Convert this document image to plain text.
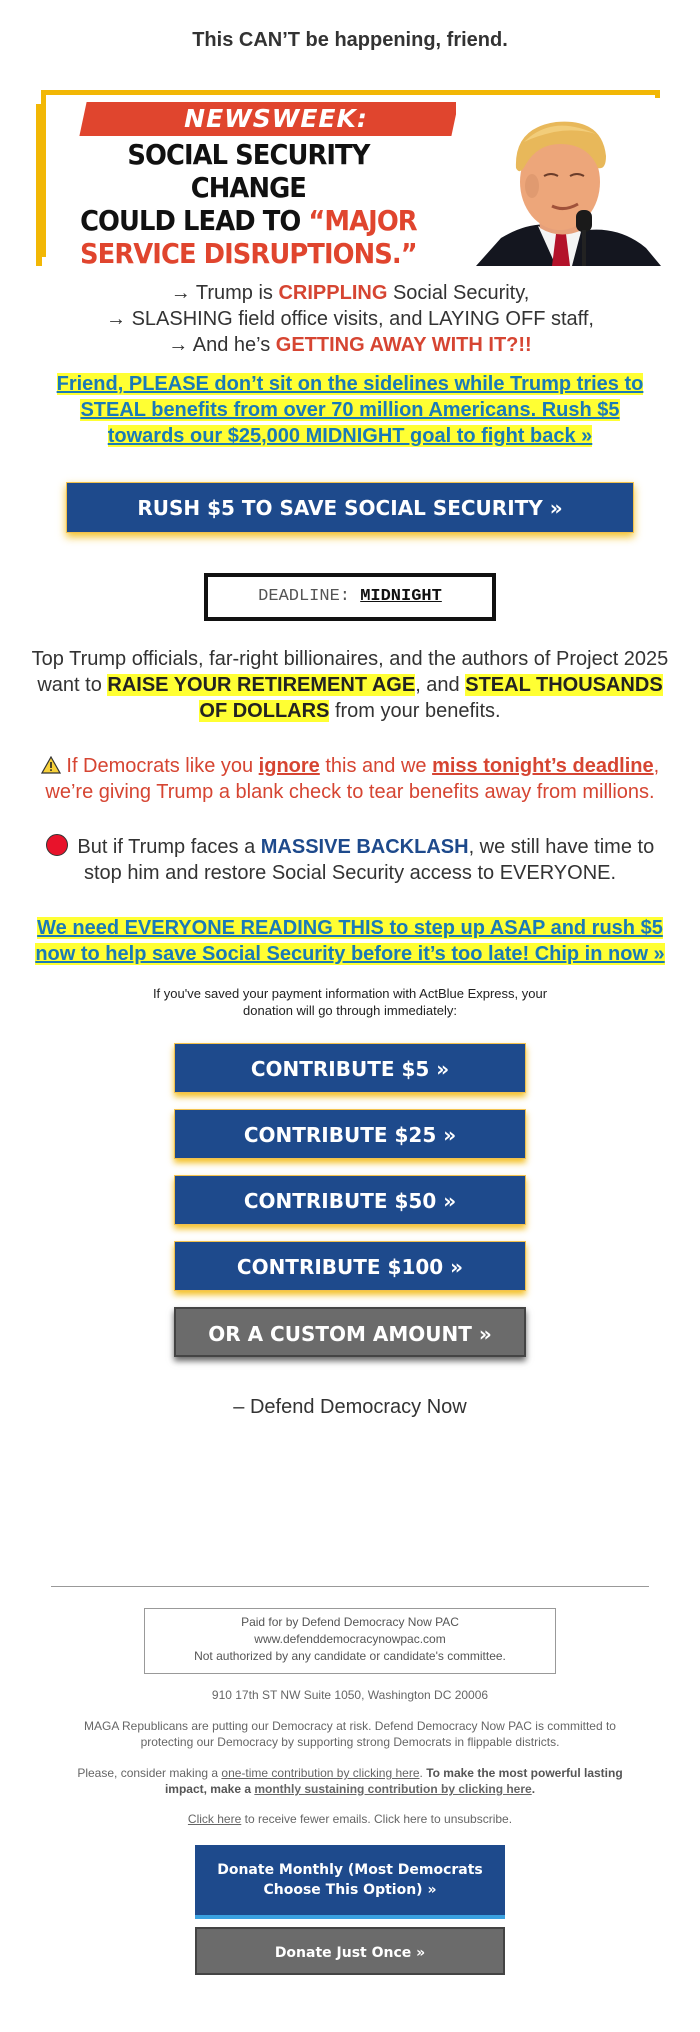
This CAN’T be happening, friend.

NEWSWEEK:
SOCIAL SECURITY CHANGE
COULD LEAD TO “MAJOR
SERVICE DISRUPTIONS.”
→ Trump is CRIPPLING Social Security,
→ SLASHING field office visits, and LAYING OFF staff,
→ And he’s GETTING AWAY WITH IT?!!
Friend, PLEASE don’t sit on the sidelines while Trump tries to STEAL benefits from over 70 million Americans. Rush $5 towards our $25,000 MIDNIGHT goal to fight back »
RUSH $5 TO SAVE SOCIAL SECURITY »
DEADLINE: MIDNIGHT
Top Trump officials, far-right billionaires, and the authors of Project 2025 want to RAISE YOUR RETIREMENT AGE, and STEAL THOUSANDS OF DOLLARS from your benefits.
If Democrats like you ignore this and we miss tonight’s deadline, we’re giving Trump a blank check to tear benefits away from millions.
But if Trump faces a MASSIVE BACKLASH, we still have time to stop him and restore Social Security access to EVERYONE.
We need EVERYONE READING THIS to step up ASAP and rush $5 now to help save Social Security before it’s too late! Chip in now »
If you've saved your payment information with ActBlue Express, your donation will go through immediately:
CONTRIBUTE $5 »
CONTRIBUTE $25 »
CONTRIBUTE $50 »
CONTRIBUTE $100 »
OR A CUSTOM AMOUNT »
– Defend Democracy Now
Paid for by Defend Democracy Now PAC
www.defenddemocracynowpac.com
Not authorized by any candidate or candidate's committee.
910 17th ST NW Suite 1050, Washington DC 20006
MAGA Republicans are putting our Democracy at risk. Defend Democracy Now PAC is committed to protecting our Democracy by supporting strong Democrats in flippable districts.
Please, consider making a one-time contribution by clicking here. To make the most powerful lasting impact, make a monthly sustaining contribution by clicking here.
Click here to receive fewer emails. Click here to unsubscribe.
Donate Monthly (Most Democrats
Choose This Option) »
Donate Just Once »
